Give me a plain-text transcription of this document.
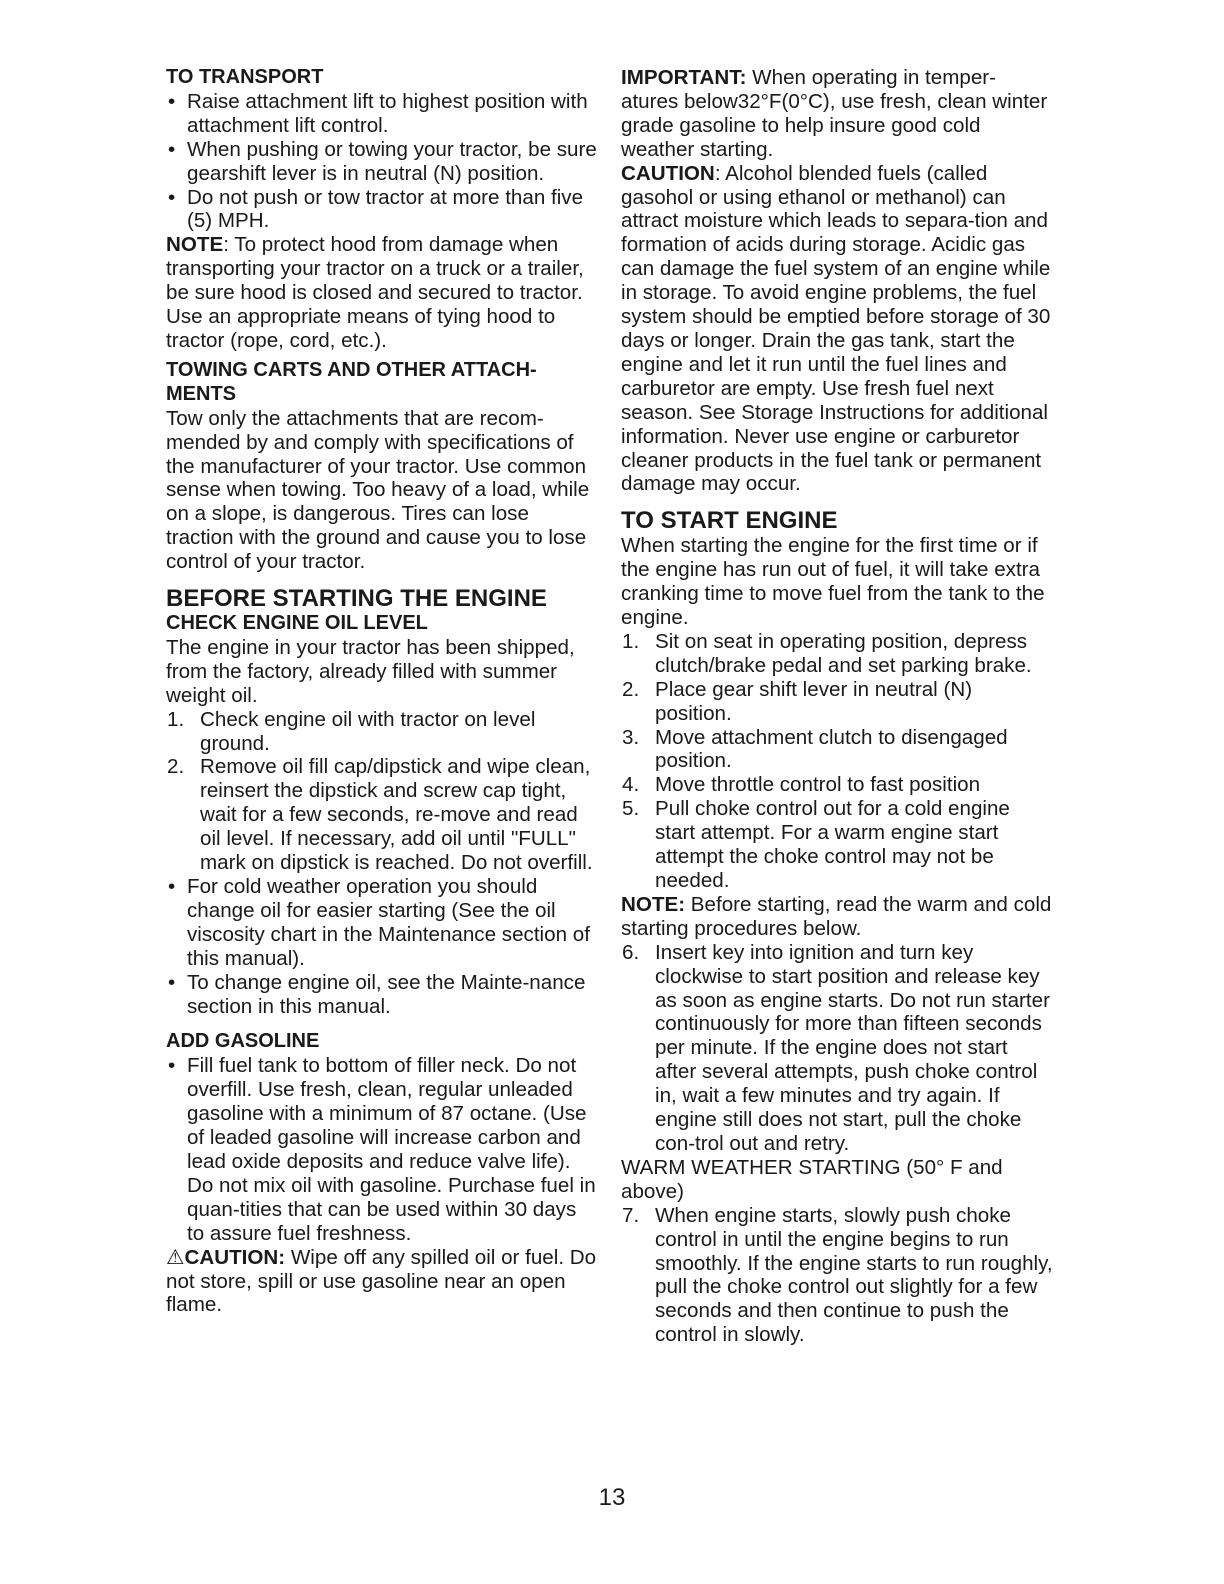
TO TRANSPORT
• Raise attachment lift to highest position with attachment lift control.
• When pushing or towing your tractor, be sure gearshift lever is in neutral (N) position.
• Do not push or tow tractor at more than five (5) MPH.

NOTE: To protect hood from damage when transporting your tractor on a truck or a trailer, be sure hood is closed and secured to tractor. Use an appropriate means of tying hood to tractor (rope, cord, etc.).

TOWING CARTS AND OTHER ATTACH-MENTS

Tow only the attachments that are recom-mended by and comply with specifications of the manufacturer of your tractor. Use common sense when towing. Too heavy of a load, while on a slope, is dangerous. Tires can lose traction with the ground and cause you to lose control of your tractor.

BEFORE STARTING THE ENGINE
CHECK ENGINE OIL LEVEL

The engine in your tractor has been shipped, from the factory, already filled with summer weight oil.

1. Check engine oil with tractor on level ground.
2. Remove oil fill cap/dipstick and wipe clean, reinsert the dipstick and screw cap tight, wait for a few seconds, re-move and read oil level. If necessary, add oil until "FULL" mark on dipstick is reached. Do not overfill.
• For cold weather operation you should change oil for easier starting (See the oil viscosity chart in the Maintenance section of this manual).
• To change engine oil, see the Mainte-nance section in this manual.
ADD GASOLINE
• Fill fuel tank to bottom of filler neck. Do not overfill. Use fresh, clean, regular unleaded gasoline with a minimum of 87 octane. (Use of leaded gasoline will increase carbon and lead oxide deposits and reduce valve life). Do not mix oil with gasoline. Purchase fuel in quan-tities that can be used within 30 days to assure fuel freshness.

⚠CAUTION: Wipe off any spilled oil or fuel. Do not store, spill or use gasoline near an open flame.

IMPORTANT: When operating in temper-atures below32°F(0°C), use fresh, clean winter grade gasoline to help insure good cold weather starting.

CAUTION: Alcohol blended fuels (called gasohol or using ethanol or methanol) can attract moisture which leads to separa-tion and formation of acids during storage. Acidic gas can damage the fuel system of an engine while in storage. To avoid engine problems, the fuel system should be emptied before storage of 30 days or longer. Drain the gas tank, start the engine and let it run until the fuel lines and carburetor are empty. Use fresh fuel next season. See Storage Instructions for additional information. Never use engine or carburetor cleaner products in the fuel tank or permanent damage may occur.

TO START ENGINE

When starting the engine for the first time or if the engine has run out of fuel, it will take extra cranking time to move fuel from the tank to the engine.

1. Sit on seat in operating position, depress clutch/brake pedal and set parking brake.
2. Place gear shift lever in neutral (N) position.
3. Move attachment clutch to disengaged position.
4. Move throttle control to fast position
5. Pull choke control out for a cold engine start attempt. For a warm engine start attempt the choke control may not be needed.

NOTE: Before starting, read the warm and cold starting procedures below.

6. Insert key into ignition and turn key clockwise to start position and release key as soon as engine starts. Do not run starter continuously for more than fifteen seconds per minute. If the engine does not start after several attempts, push choke control in, wait a few minutes and try again. If engine still does not start, pull the choke con-trol out and retry.

WARM WEATHER STARTING (50° F and above)

7. When engine starts, slowly push choke control in until the engine begins to run smoothly. If the engine starts to run roughly, pull the choke control out slightly for a few seconds and then continue to push the control in slowly.
13
